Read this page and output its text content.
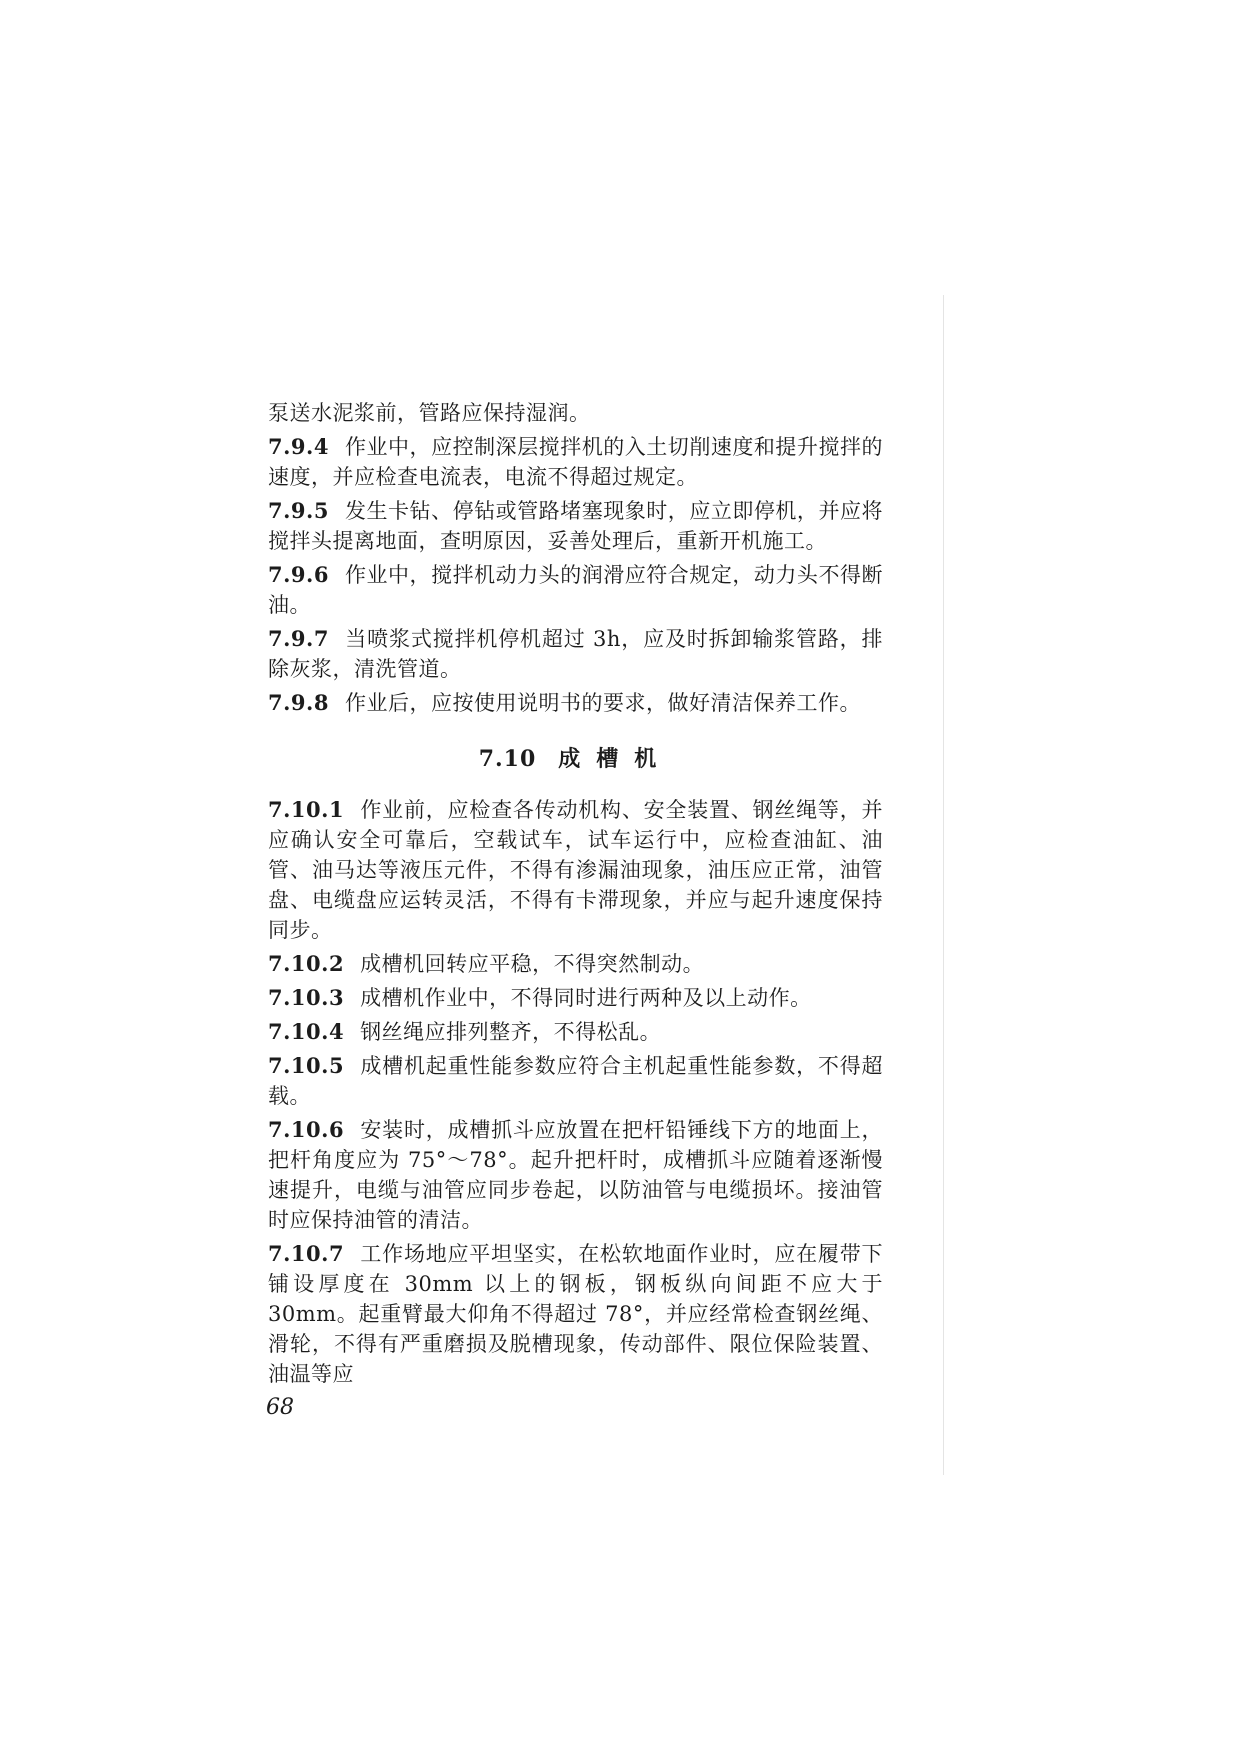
泵送水泥浆前，管路应保持湿润。

7.9.4 作业中，应控制深层搅拌机的入土切削速度和提升搅拌的速度，并应检查电流表，电流不得超过规定。

7.9.5 发生卡钻、停钻或管路堵塞现象时，应立即停机，并应将搅拌头提离地面，查明原因，妥善处理后，重新开机施工。

7.9.6 作业中，搅拌机动力头的润滑应符合规定，动力头不得断油。

7.9.7 当喷浆式搅拌机停机超过 3h，应及时拆卸输浆管路，排除灰浆，清洗管道。

7.9.8 作业后，应按使用说明书的要求，做好清洁保养工作。

7.10 成槽机

7.10.1 作业前，应检查各传动机构、安全装置、钢丝绳等，并应确认安全可靠后，空载试车，试车运行中，应检查油缸、油管、油马达等液压元件，不得有渗漏油现象，油压应正常，油管盘、电缆盘应运转灵活，不得有卡滞现象，并应与起升速度保持同步。

7.10.2 成槽机回转应平稳，不得突然制动。

7.10.3 成槽机作业中，不得同时进行两种及以上动作。

7.10.4 钢丝绳应排列整齐，不得松乱。

7.10.5 成槽机起重性能参数应符合主机起重性能参数，不得超载。

7.10.6 安装时，成槽抓斗应放置在把杆铅锤线下方的地面上，把杆角度应为 75°～78°。起升把杆时，成槽抓斗应随着逐渐慢速提升，电缆与油管应同步卷起，以防油管与电缆损坏。接油管时应保持油管的清洁。

7.10.7 工作场地应平坦坚实，在松软地面作业时，应在履带下铺设厚度在 30mm 以上的钢板，钢板纵向间距不应大于 30mm。起重臂最大仰角不得超过 78°，并应经常检查钢丝绳、滑轮，不得有严重磨损及脱槽现象，传动部件、限位保险装置、油温等应

68
